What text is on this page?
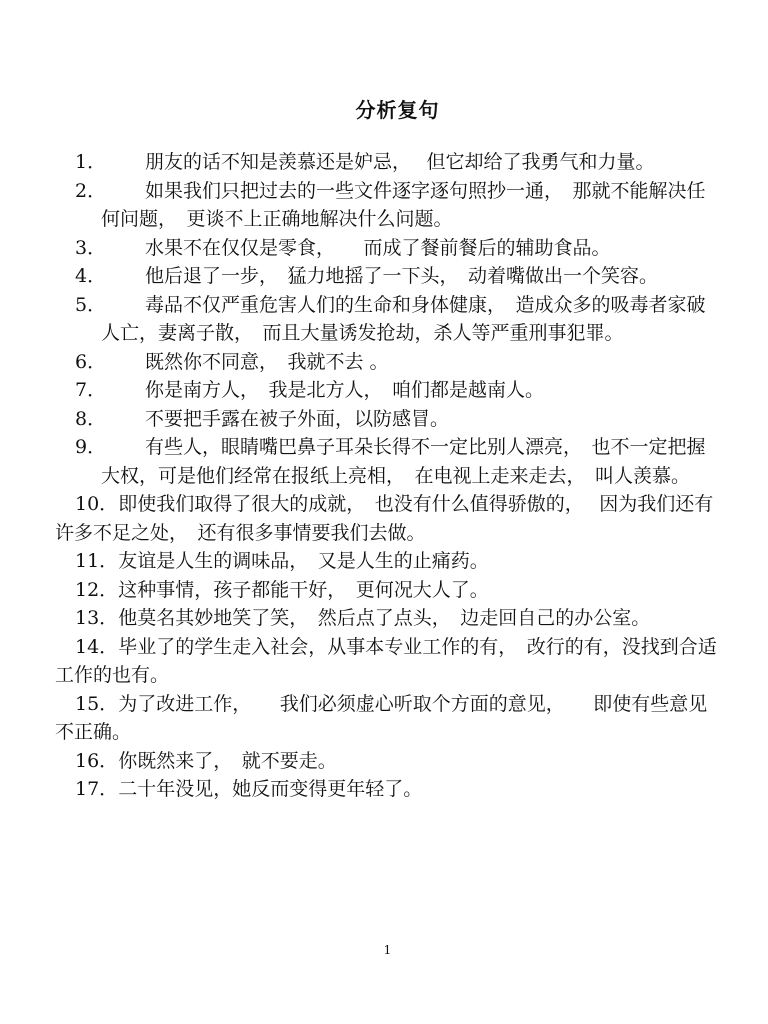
分析复句

1． 朋友的话不知是羡慕还是妒忌，　 但它却给了我勇气和力量。

2． 如果我们只把过去的一些文件逐字逐句照抄一通，　那就不能解决任何问题，　更谈不上正确地解决什么问题。

3． 水果不在仅仅是零食，　　而成了餐前餐后的辅助食品。

4． 他后退了一步，　猛力地摇了一下头，　动着嘴做出一个笑容。

5． 毒品不仅严重危害人们的生命和身体健康，　造成众多的吸毒者家破人亡，妻离子散，　而且大量诱发抢劫，杀人等严重刑事犯罪。

6． 既然你不同意，　我就不去 。

7． 你是南方人，　我是北方人，　咱们都是越南人。

8． 不要把手露在被子外面，以防感冒。

9． 有些人，眼睛嘴巴鼻子耳朵长得不一定比别人漂亮，　也不一定把握大权，可是他们经常在报纸上亮相，　在电视上走来走去，　叫人羡慕。

10．即使我们取得了很大的成就，　也没有什么值得骄傲的，　 因为我们还有许多不足之处，　还有很多事情要我们去做。

11．友谊是人生的调味品，　又是人生的止痛药。

12．这种事情，孩子都能干好，　更何况大人了。

13．他莫名其妙地笑了笑，　然后点了点头，　边走回自己的办公室。

14．毕业了的学生走入社会，从事本专业工作的有，　改行的有，没找到合适工作的也有。

15．为了改进工作，　　我们必须虚心听取个方面的意见，　　即使有些意见不正确。

16．你既然来了，　就不要走。

17．二十年没见，她反而变得更年轻了。

1
